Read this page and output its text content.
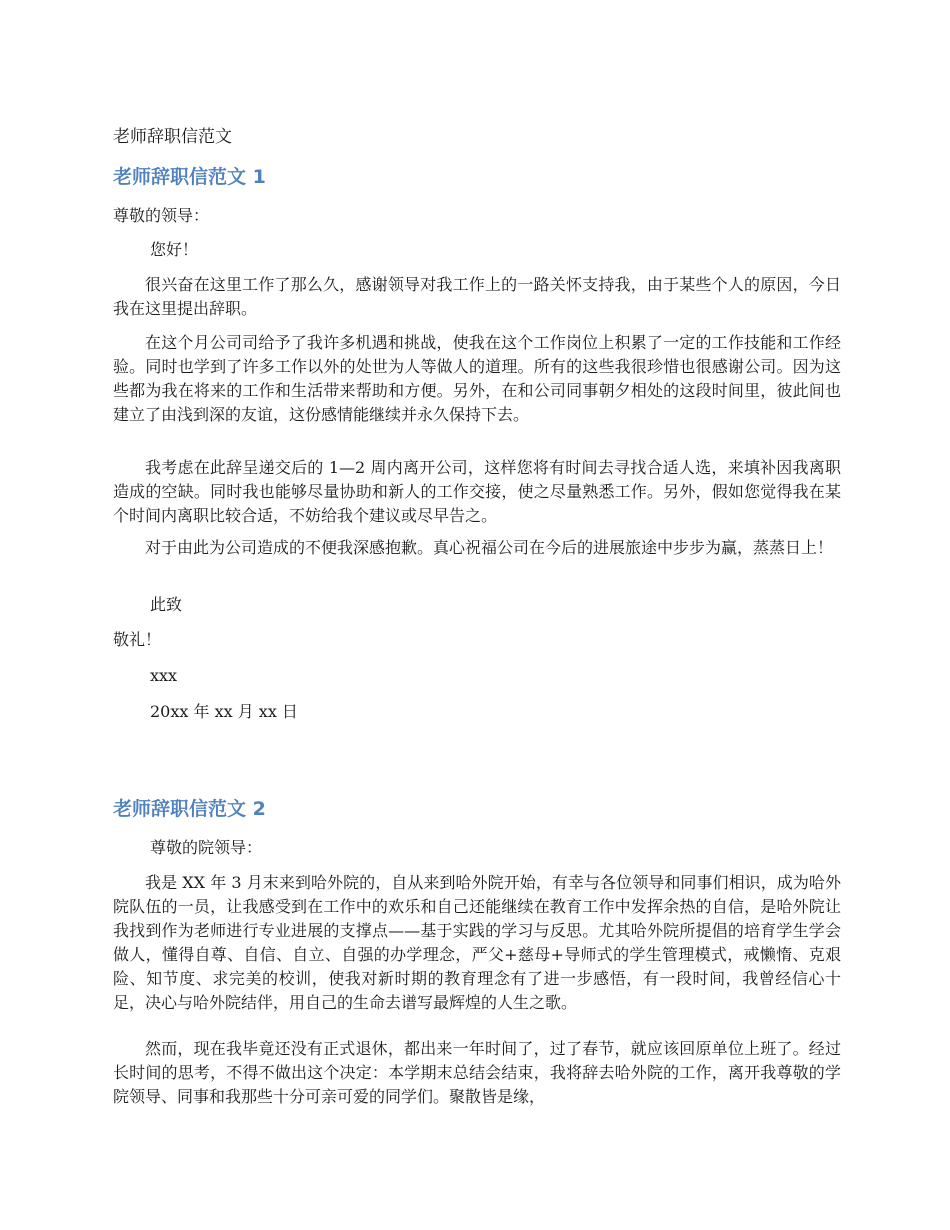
老师辞职信范文
老师辞职信范文 1

尊敬的领导：

您好！

很兴奋在这里工作了那么久，感谢领导对我工作上的一路关怀支持我，由于某些个人的原因，今日我在这里提出辞职。

在这个月公司司给予了我许多机遇和挑战，使我在这个工作岗位上积累了一定的工作技能和工作经验。同时也学到了许多工作以外的处世为人等做人的道理。所有的这些我很珍惜也很感谢公司。因为这些都为我在将来的工作和生活带来帮助和方便。另外，在和公司同事朝夕相处的这段时间里，彼此间也建立了由浅到深的友谊，这份感情能继续并永久保持下去。

我考虑在此辞呈递交后的 1—2 周内离开公司，这样您将有时间去寻找合适人选，来填补因我离职造成的空缺。同时我也能够尽量协助和新人的工作交接，使之尽量熟悉工作。另外，假如您觉得我在某个时间内离职比较合适，不妨给我个建议或尽早告之。

对于由此为公司造成的不便我深感抱歉。真心祝福公司在今后的进展旅途中步步为赢，蒸蒸日上！

此致

敬礼！

xxx

20xx 年 xx 月 xx 日

老师辞职信范文 2

尊敬的院领导：

我是 XX 年 3 月末来到哈外院的，自从来到哈外院开始，有幸与各位领导和同事们相识，成为哈外院队伍的一员，让我感受到在工作中的欢乐和自己还能继续在教育工作中发挥余热的自信，是哈外院让我找到作为老师进行专业进展的支撑点——基于实践的学习与反思。尤其哈外院所提倡的培育学生学会做人，懂得自尊、自信、自立、自强的办学理念，严父+慈母+导师式的学生管理模式，戒懒惰、克艰险、知节度、求完美的校训，使我对新时期的教育理念有了进一步感悟，有一段时间，我曾经信心十足，决心与哈外院结伴，用自己的生命去谱写最辉煌的人生之歌。

然而，现在我毕竟还没有正式退休，都出来一年时间了，过了春节，就应该回原单位上班了。经过长时间的思考，不得不做出这个决定：本学期末总结会结束，我将辞去哈外院的工作，离开我尊敬的学院领导、同事和我那些十分可亲可爱的同学们。聚散皆是缘，
